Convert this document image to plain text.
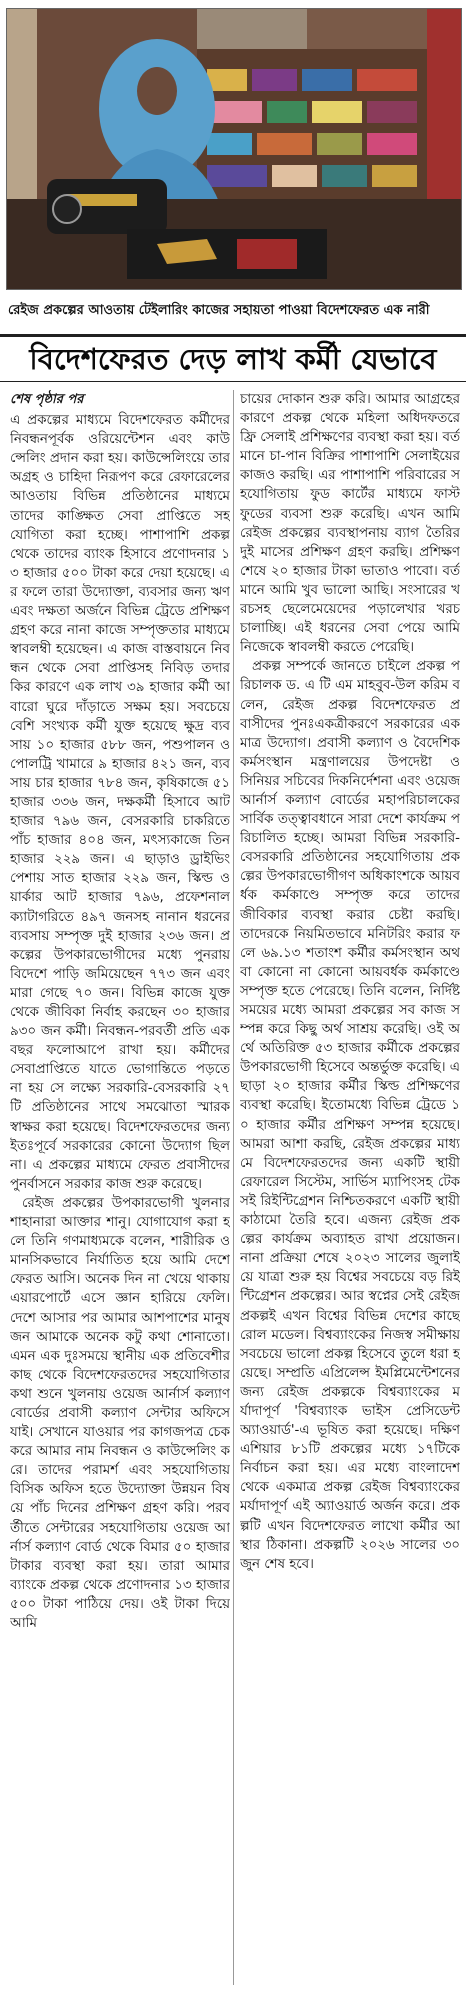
রেইজ প্রকল্পের আওতায় টেইলারিং কাজের সহায়তা পাওয়া বিদেশফেরত এক নারী
বিদেশফেরত দেড় লাখ কর্মী যেভাবে
শেষ পৃষ্ঠার পর

এ প্রকল্পের মাধ্যমে বিদেশফেরত কর্মীদের নিবন্ধনপূর্বক ওরিয়েন্টেশন এবং কাউন্সেলিং প্রদান করা হয়। কাউন্সেলিংয়ে তার অগ্রহ ও চাহিদা নিরূপণ করে রেফারেলের আওতায় বিভিন্ন প্রতিষ্ঠানের মাধ্যমে তাদের কাঙ্ক্ষিত সেবা প্রাপ্তিতে সহযোগিতা করা হচ্ছে। পাশাপাশি প্রকল্প থেকে তাদের ব্যাংক হিসাবে প্রণোদনার ১৩ হাজার ৫০০ টাকা করে দেয়া হয়েছে। এর ফলে তারা উদ্যোক্তা, ব্যবসার জন্য ঋণ এবং দক্ষতা অর্জনে বিভিন্ন ট্রেডে প্রশিক্ষণ গ্রহণ করে নানা কাজে সম্পৃক্ততার মাধ্যমে স্বাবলম্বী হয়েছেন। এ কাজ বাস্তবায়নে নিবন্ধন থেকে সেবা প্রাপ্তিসহ নিবিড় তদারকির কারণে এক লাখ ৩৯ হাজার কর্মী আবারো ঘুরে দাঁড়াতে সক্ষম হয়। সবচেয়ে বেশি সংখ্যক কর্মী যুক্ত হয়েছে ক্ষুদ্র ব্যবসায় ১০ হাজার ৫৮৮ জন, পশুপালন ও পোলট্রি খামারে ৯ হাজার ৪২১ জন, ব্যবসায় চার হাজার ৭৮৪ জন, কৃষিকাজে ৫১ হাজার ৩৩৬ জন, দক্ষকর্মী হিসাবে আট হাজার ৭৯৬ জন, বেসরকারি চাকরিতে পাঁচ হাজার ৪০৪ জন, মৎস্যকাজে তিন হাজার ২২৯ জন। এ ছাড়াও ড্রাইভিং পেশায় সাত হাজার ২২৯ জন, স্কিল্ড ওয়ার্কার আট হাজার ৭৯৬, প্রফেশনাল ক্যাটাগরিতে ৪৯৭ জনসহ নানান ধরনের ব্যবসায় সম্পৃক্ত দুই হাজার ২৩৬ জন। প্রকল্পের উপকারভোগীদের মধ্যে পুনরায় বিদেশে পাড়ি জমিয়েছেন ৭৭৩ জন এবং মারা গেছে ৭০ জন। বিভিন্ন কাজে যুক্ত থেকে জীবিকা নির্বাহ করছেন ৩০ হাজার ৯৩০ জন কর্মী। নিবন্ধন-পরবর্তী প্রতি এক বছর ফলোআপে রাখা হয়। কর্মীদের সেবাপ্রাপ্তিতে যাতে ভোগান্তিতে পড়তে না হয় সে লক্ষ্যে সরকারি-বেসরকারি ২৭টি প্রতিষ্ঠানের সাথে সমঝোতা স্মারক স্বাক্ষর করা হয়েছে। বিদেশফেরতদের জন্য ইতঃপূর্বে সরকারের কোনো উদ্যোগ ছিল না। এ প্রকল্পের মাধ্যমে ফেরত প্রবাসীদের পুনর্বাসনে সরকার কাজ শুরু করেছে।

রেইজ প্রকল্পের উপকারভোগী খুলনার শাহানারা আক্তার শানু। যোগাযোগ করা হলে তিনি গণমাধ্যমকে বলেন, শারীরিক ও মানসিকভাবে নির্যাতিত হয়ে আমি দেশে ফেরত আসি। অনেক দিন না খেয়ে থাকায় এয়ারপোর্টে এসে জ্ঞান হারিয়ে ফেলি। দেশে আসার পর আমার আশপাশের মানুষজন আমাকে অনেক কটু কথা শোনাতো। এমন এক দুঃসময়ে স্থানীয় এক প্রতিবেশীর কাছ থেকে বিদেশফেরতদের সহযোগিতার কথা শুনে খুলনায় ওয়েজ আর্নার্স কল্যাণ বোর্ডের প্রবাসী কল্যাণ সেন্টার অফিসে যাই। সেখানে যাওয়ার পর কাগজপত্র চেক করে আমার নাম নিবন্ধন ও কাউন্সেলিং করে। তাদের পরামর্শ এবং সহযোগিতায় বিসিক অফিস হতে উদ্যোক্তা উন্নয়ন বিষয়ে পাঁচ দিনের প্রশিক্ষণ গ্রহণ করি। পরবর্তীতে সেন্টারের সহযোগিতায় ওয়েজ আর্নার্স কল্যাণ বোর্ড থেকে বিমার ৫০ হাজার টাকার ব্যবস্থা করা হয়। তারা আমার ব্যাংকে প্রকল্প থেকে প্রণোদনার ১৩ হাজার ৫০০ টাকা পাঠিয়ে দেয়। ওই টাকা দিয়ে আমি

চায়ের দোকান শুরু করি। আমার আগ্রহের কারণে প্রকল্প থেকে মহিলা অধিদফতরে ফ্রি সেলাই প্রশিক্ষণের ব্যবস্থা করা হয়। বর্তমানে চা-পান বিক্রির পাশাপাশি সেলাইয়ের কাজও করছি। এর পাশাপাশি পরিবারের সহযোগিতায় ফুড কার্টের মাধ্যমে ফাস্টফুডের ব্যবসা শুরু করেছি। এখন আমি রেইজ প্রকল্পের ব্যবস্থাপনায় ব্যাগ তৈরির দুই মাসের প্রশিক্ষণ গ্রহণ করছি। প্রশিক্ষণ শেষে ২০ হাজার টাকা ভাতাও পাবো। বর্তমানে আমি খুব ভালো আছি। সংসারের খরচসহ ছেলেমেয়েদের পড়ালেখার খরচ চালাচ্ছি। এই ধরনের সেবা পেয়ে আমি নিজেকে স্বাবলম্বী করতে পেরেছি।

প্রকল্প সম্পর্কে জানতে চাইলে প্রকল্প পরিচালক ড. এ টি এম মাহবুব-উল করিম বলেন, রেইজ প্রকল্প বিদেশফেরত প্রবাসীদের পুনঃএকত্রীকরণে সরকারের একমাত্র উদ্যোগ। প্রবাসী কল্যাণ ও বৈদেশিক কর্মসংস্থান মন্ত্রণালয়ের উপদেষ্টা ও সিনিয়র সচিবের দিকনির্দেশনা এবং ওয়েজ আর্নার্স কল্যাণ বোর্ডের মহাপরিচালকের সার্বিক তত্ত্বাবধানে সারা দেশে কার্যক্রম পরিচালিত হচ্ছে। আমরা বিভিন্ন সরকারি-বেসরকারি প্রতিষ্ঠানের সহযোগিতায় প্রকল্পের উপকারভোগীগণ অধিকাংশকে আয়বর্ধক কর্মকাণ্ডে সম্পৃক্ত করে তাদের জীবিকার ব্যবস্থা করার চেষ্টা করছি। তাদেরকে নিয়মিতভাবে মনিটরিং করার ফলে ৬৯.১৩ শতাংশ কর্মীর কর্মসংস্থান অথবা কোনো না কোনো আয়বর্ধক কর্মকাণ্ডে সম্পৃক্ত হতে পেরেছে। তিনি বলেন, নির্দিষ্ট সময়ের মধ্যে আমরা প্রকল্পের সব কাজ সম্পন্ন করে কিছু অর্থ সাশ্রয় করেছি। ওই অর্থে অতিরিক্ত ৫৩ হাজার কর্মীকে প্রকল্পের উপকারভোগী হিসেবে অন্তর্ভুক্ত করেছি। এ ছাড়া ২০ হাজার কর্মীর স্কিল্ড প্রশিক্ষণের ব্যবস্থা করেছি। ইতোমধ্যে বিভিন্ন ট্রেডে ১০ হাজার কর্মীর প্রশিক্ষণ সম্পন্ন হয়েছে। আমরা আশা করছি, রেইজ প্রকল্পের মাধ্যমে বিদেশফেরতদের জন্য একটি স্থায়ী রেফারেল সিস্টেম, সার্ভিস ম্যাপিংসহ টেকসই রিইন্টিগ্রেশন নিশ্চিতকরণে একটি স্থায়ী কাঠামো তৈরি হবে। এজন্য রেইজ প্রকল্পের কার্যক্রম অব্যাহত রাখা প্রয়োজন। নানা প্রক্রিয়া শেষে ২০২৩ সালের জুলাইয়ে যাত্রা শুরু হয় বিশ্বের সবচেয়ে বড় রিইন্টিগ্রেশন প্রকল্পের। আর স্বপ্নের সেই রেইজ প্রকল্পই এখন বিশ্বের বিভিন্ন দেশের কাছে রোল মডেল। বিশ্বব্যাংকের নিজস্ব সমীক্ষায় সবচেয়ে ভালো প্রকল্প হিসেবে তুলে ধরা হয়েছে। সম্প্রতি এপ্রিলেন্স ইমপ্লিমেন্টেশনের জন্য রেইজ প্রকল্পকে বিশ্বব্যাংকের মর্যাদাপূর্ণ 'বিশ্বব্যাংক ভাইস প্রেসিডেন্ট অ্যাওয়ার্ড'-এ ভূষিত করা হয়েছে। দক্ষিণ এশিয়ার ৮১টি প্রকল্পের মধ্যে ১৭টিকে নির্বাচন করা হয়। এর মধ্যে বাংলাদেশ থেকে একমাত্র প্রকল্প রেইজ বিশ্বব্যাংকের মর্যাদাপূর্ণ এই অ্যাওয়ার্ড অর্জন করে। প্রকল্পটি এখন বিদেশফেরত লাখো কর্মীর আস্থার ঠিকানা। প্রকল্পটি ২০২৬ সালের ৩০ জুন শেষ হবে।
